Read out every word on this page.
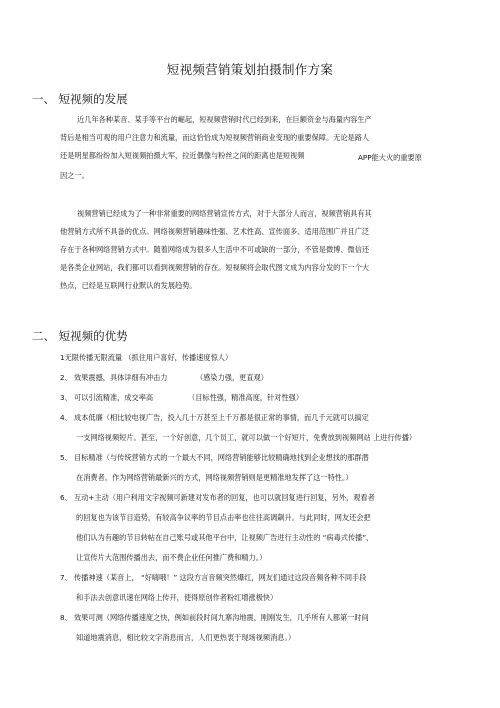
短视频营销策划拍摄制作方案
一、 短视频的发展
近几年各种某音、某手等平台的崛起，短视频营销时代已经到来，在巨额资金与海量内容生产
背后是相当可观的用户注意力和流量，而这恰恰成为短视频营销商业变现的重要保障。无论是路人
还是明星都纷纷加入短视频拍摄大军，拉近偶像与粉丝之间的距离也是短视频	APP能大火的重要原
因之一。
视频营销已经成为了一种非常重要的网络营销宣传方式，对于大部分人而言，视频营销具有其
他营销方式所不具备的优点。网络视频营销趣味性强、艺术性高、宣传面多、适用范围广并且广泛
存在于各种网络营销方式中。随着网络成为很多人生活中不可或缺的一部分，不管是微博、微信还
是各类企业网站，我们都可以看到视频营销的存在。短视频将会取代图文成为内容分发的下一个大
热点，已经是互联网行业默认的发展趋势。
二、 短视频的优势
1无限传播无限流量 （抓住用户喜好，传播速度惊人）
2、 效果震撼，具体详细有冲击力	（感染力强，更直观）
3、 可以引流精准，成交率高	（目标性强，精准高度，针对性强）
4、 成本低廉（相比较电视广告，投入几十万甚至上千万都是很正常的事情，而几千元就可以搞定
一支网络视频短片。甚至，一个好创意，几个员工，就可以做一个好短片，免费放到视频网站 上进行传播）
5、 目标精准（与传统营销方式的一个最大不同，网络营销能够比较精确地找到企业想找的那群潜
在消费者。作为网络营销最新兴的方式，网络视频营销则是更精准地发挥了这一特性。）
6、 互动+主动（用户利用文字视频可新建对发布者的回复，也可以就回复进行回复，另外，观看者
的回复也为该节目造势，有较高争议率的节目点击率也往往高调飙升。与此同时，网友还会把
他们认为有趣的节目转帖在自己账号或其他平台中，让视频广告进行主动性的 “病毒式传播”，
让宣传片大范围传播出去，而不费企业任何推广费和精力。）
7、 传播神速（某音上， “好嗨哦！” 这段方言音频突然爆红，网友们通过这段音频各种不同手段
和手法去创意讯速在网络上传开，使得原创作者粉红增涨极快）
8、 效果可测（网络传播速度之快，例如前段时间九寨沟地震，刚刚发生，几乎所有人都第一时间
知道地震消息，相比较文字消息而言，人们更热衷于现场视频消息。）
